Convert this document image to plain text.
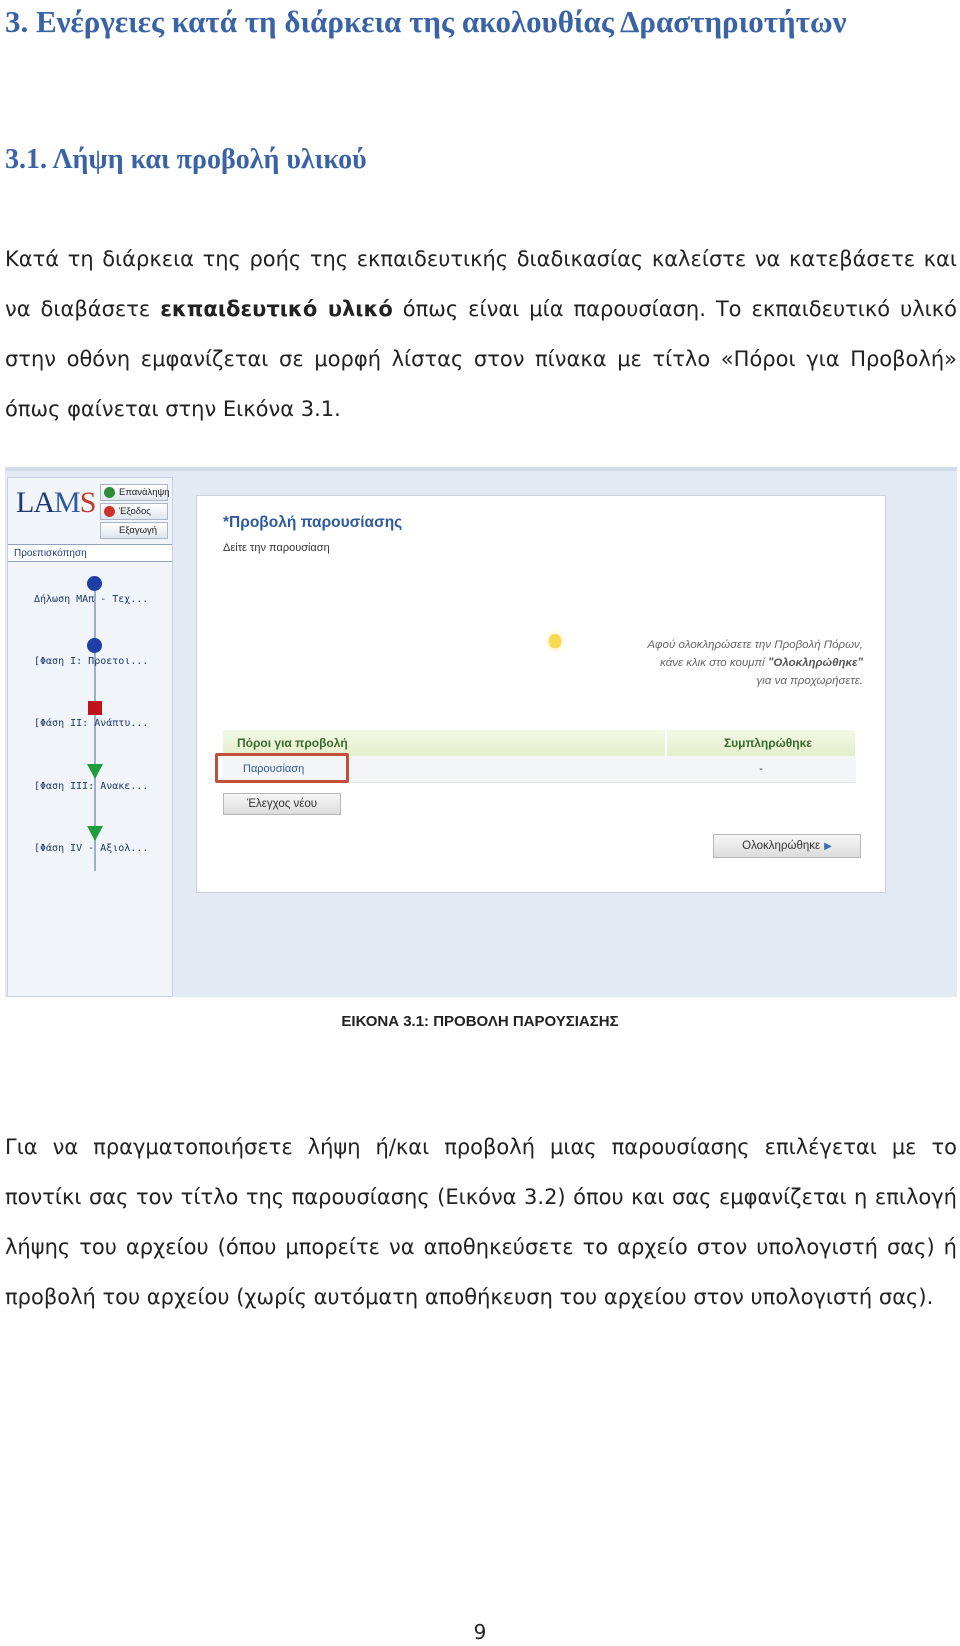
3. Ενέργειες κατά τη διάρκεια της ακολουθίας Δραστηριοτήτων
3.1. Λήψη και προβολή υλικού

Κατά τη διάρκεια της ροής της εκπαιδευτικής διαδικασίας καλείστε να κατεβάσετε και να διαβάσετε εκπαιδευτικό υλικό όπως είναι μία παρουσίαση. Το εκπαιδευτικό υλικό στην οθόνη εμφανίζεται σε μορφή λίστας στον πίνακα με τίτλο «Πόροι για Προβολή» όπως φαίνεται στην Εικόνα 3.1.

LAMS	Επανάληψη
Έξοδος
Εξαγωγή
Προεπισκόπηση
Δήλωση ΜΑπ - Τεχ...
[Φαση Ι: Προετοι...
[Φάση ΙΙ: Ανάπτυ...
[Φαση ΙΙΙ: Ανακε...
[Φάση ΙV - Αξιολ...
*Προβολή παρουσίασης
Δείτε την παρουσίαση
Αφού ολοκληρώσετε την Προβολή Πόρων,
κάνε κλικ στο κουμπί "Ολοκληρώθηκε"
για να προχωρήσετε.
Πόροι για προβολή	Συμπληρώθηκε
Παρουσίαση	-
Έλεγχος νέου
Ολοκληρώθηκε ▶
ΕΙΚΟΝΑ 3.1: ΠΡΟΒΟΛΗ ΠΑΡΟΥΣΙΑΣΗΣ

Για να πραγματοποιήσετε λήψη ή/και προβολή μιας παρουσίασης επιλέγεται με το ποντίκι σας τον τίτλο της παρουσίασης (Εικόνα 3.2) όπου και σας εμφανίζεται η επιλογή λήψης του αρχείου (όπου μπορείτε να αποθηκεύσετε το αρχείο στον υπολογιστή σας) ή προβολή του αρχείου (χωρίς αυτόματη αποθήκευση του αρχείου στον υπολογιστή σας).

9
